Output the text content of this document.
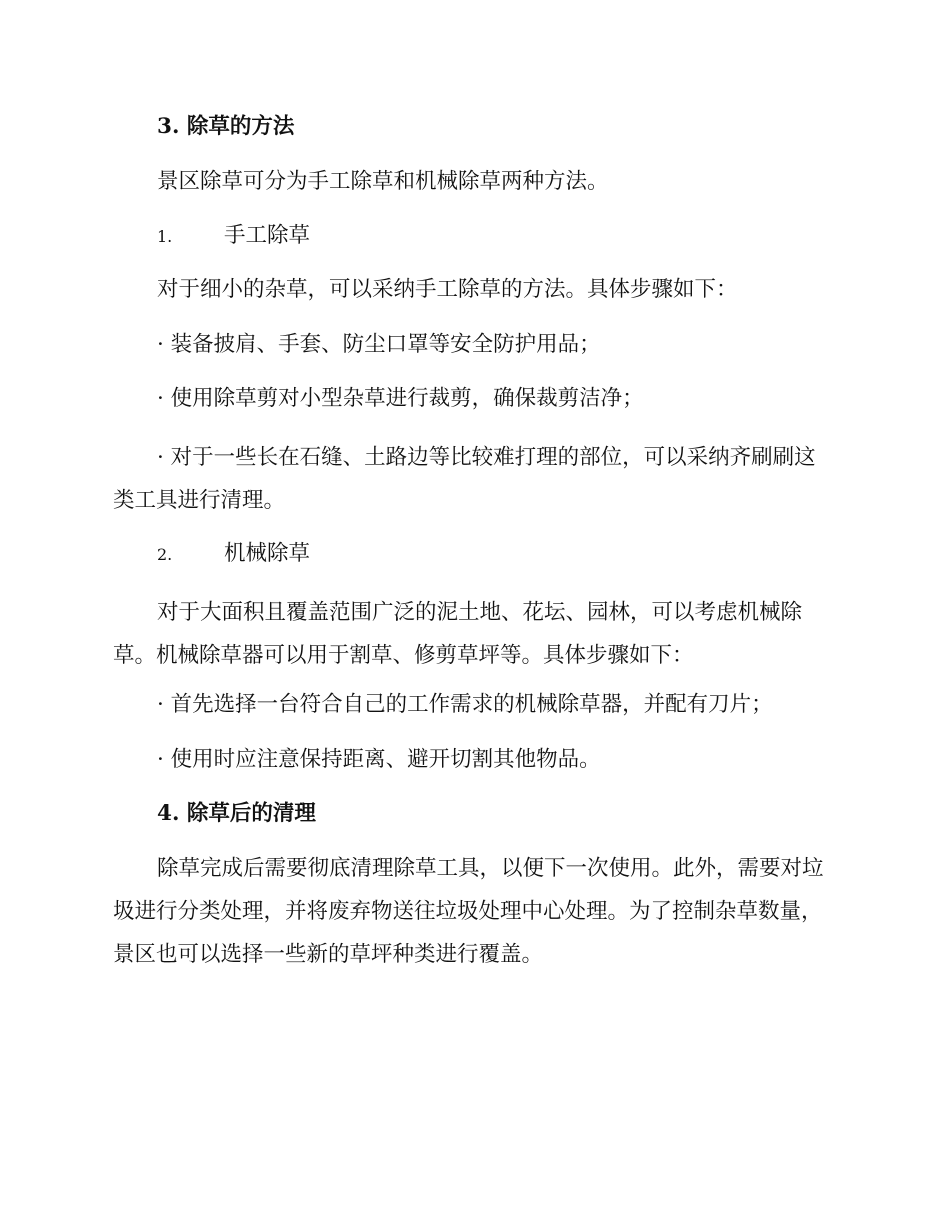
3. 除草的方法
景区除草可分为手工除草和机械除草两种方法。
1. 手工除草
对于细小的杂草，可以采纳手工除草的方法。具体步骤如下：
· 装备披肩、手套、防尘口罩等安全防护用品；
· 使用除草剪对小型杂草进行裁剪，确保裁剪洁净；
· 对于一些长在石缝、土路边等比较难打理的部位，可以采纳齐刷刷这类工具进行清理。
2. 机械除草
对于大面积且覆盖范围广泛的泥土地、花坛、园林，可以考虑机械除草。机械除草器可以用于割草、修剪草坪等。具体步骤如下：
· 首先选择一台符合自己的工作需求的机械除草器，并配有刀片；
· 使用时应注意保持距离、避开切割其他物品。
4. 除草后的清理
除草完成后需要彻底清理除草工具，以便下一次使用。此外，需要对垃圾进行分类处理，并将废弃物送往垃圾处理中心处理。为了控制杂草数量，景区也可以选择一些新的草坪种类进行覆盖。
